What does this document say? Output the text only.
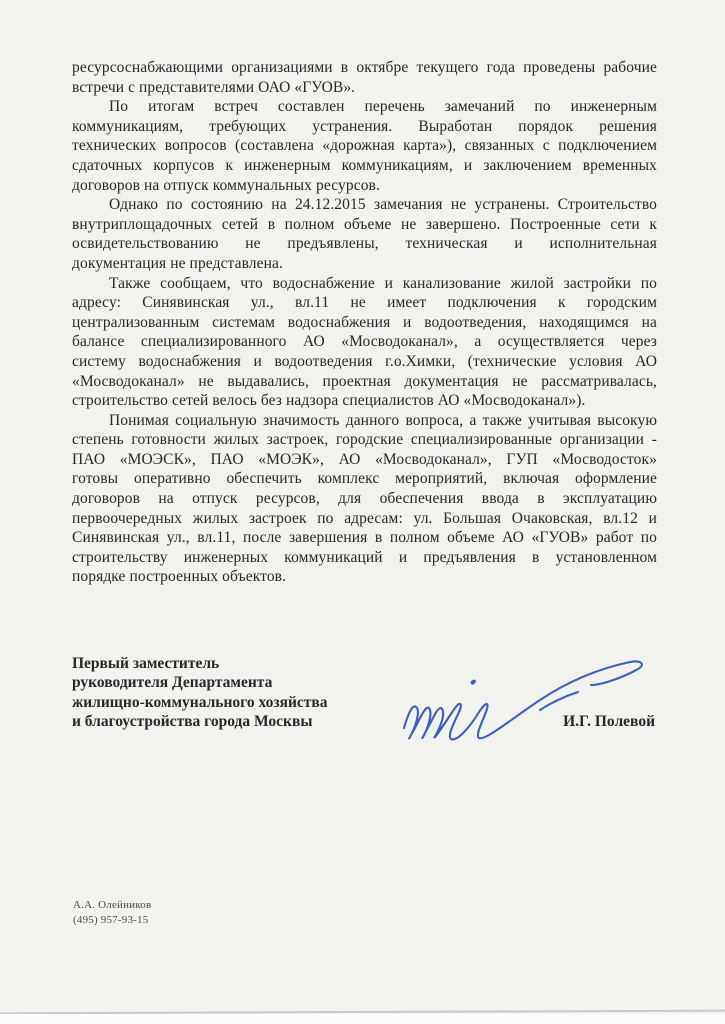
ресурсоснабжающими организациями в октябре текущего года проведены рабочие
встречи с представителями ОАО «ГУОВ».
По итогам встреч составлен перечень замечаний по инженерным
коммуникациям, требующих устранения. Выработан порядок решения
технических вопросов (составлена «дорожная карта»), связанных с подключением
сдаточных корпусов к инженерным коммуникациям, и заключением временных
договоров на отпуск коммунальных ресурсов.
Однако по состоянию на 24.12.2015 замечания не устранены. Строительство
внутриплощадочных сетей в полном объеме не завершено. Построенные сети к
освидетельствованию не предъявлены, техническая и исполнительная
документация не представлена.
Также сообщаем, что водоснабжение и канализование жилой застройки по
адресу: Синявинская ул., вл.11 не имеет подключения к городским
централизованным системам водоснабжения и водоотведения, находящимся на
балансе специализированного АО «Мосводоканал», а осуществляется через
систему водоснабжения и водоотведения г.о.Химки, (технические условия АО
«Мосводоканал» не выдавались, проектная документация не рассматривалась,
строительство сетей велось без надзора специалистов АО «Мосводоканал»).
Понимая социальную значимость данного вопроса, а также учитывая высокую
степень готовности жилых застроек, городские специализированные организации -
ПАО «МОЭСК», ПАО «МОЭК», АО «Мосводоканал», ГУП «Мосводосток»
готовы оперативно обеспечить комплекс мероприятий, включая оформление
договоров на отпуск ресурсов, для обеспечения ввода в эксплуатацию
первоочередных жилых застроек по адресам: ул. Большая Очаковская, вл.12 и
Синявинская ул., вл.11, после завершения в полном объеме АО «ГУОВ» работ по
строительству инженерных коммуникаций и предъявления в установленном
порядке построенных объектов.
Первый заместитель
руководителя Департамента
жилищно-коммунального хозяйства
и благоустройства города Москвы	И.Г. Полевой
А.А. Олейников
(495) 957-93-15
